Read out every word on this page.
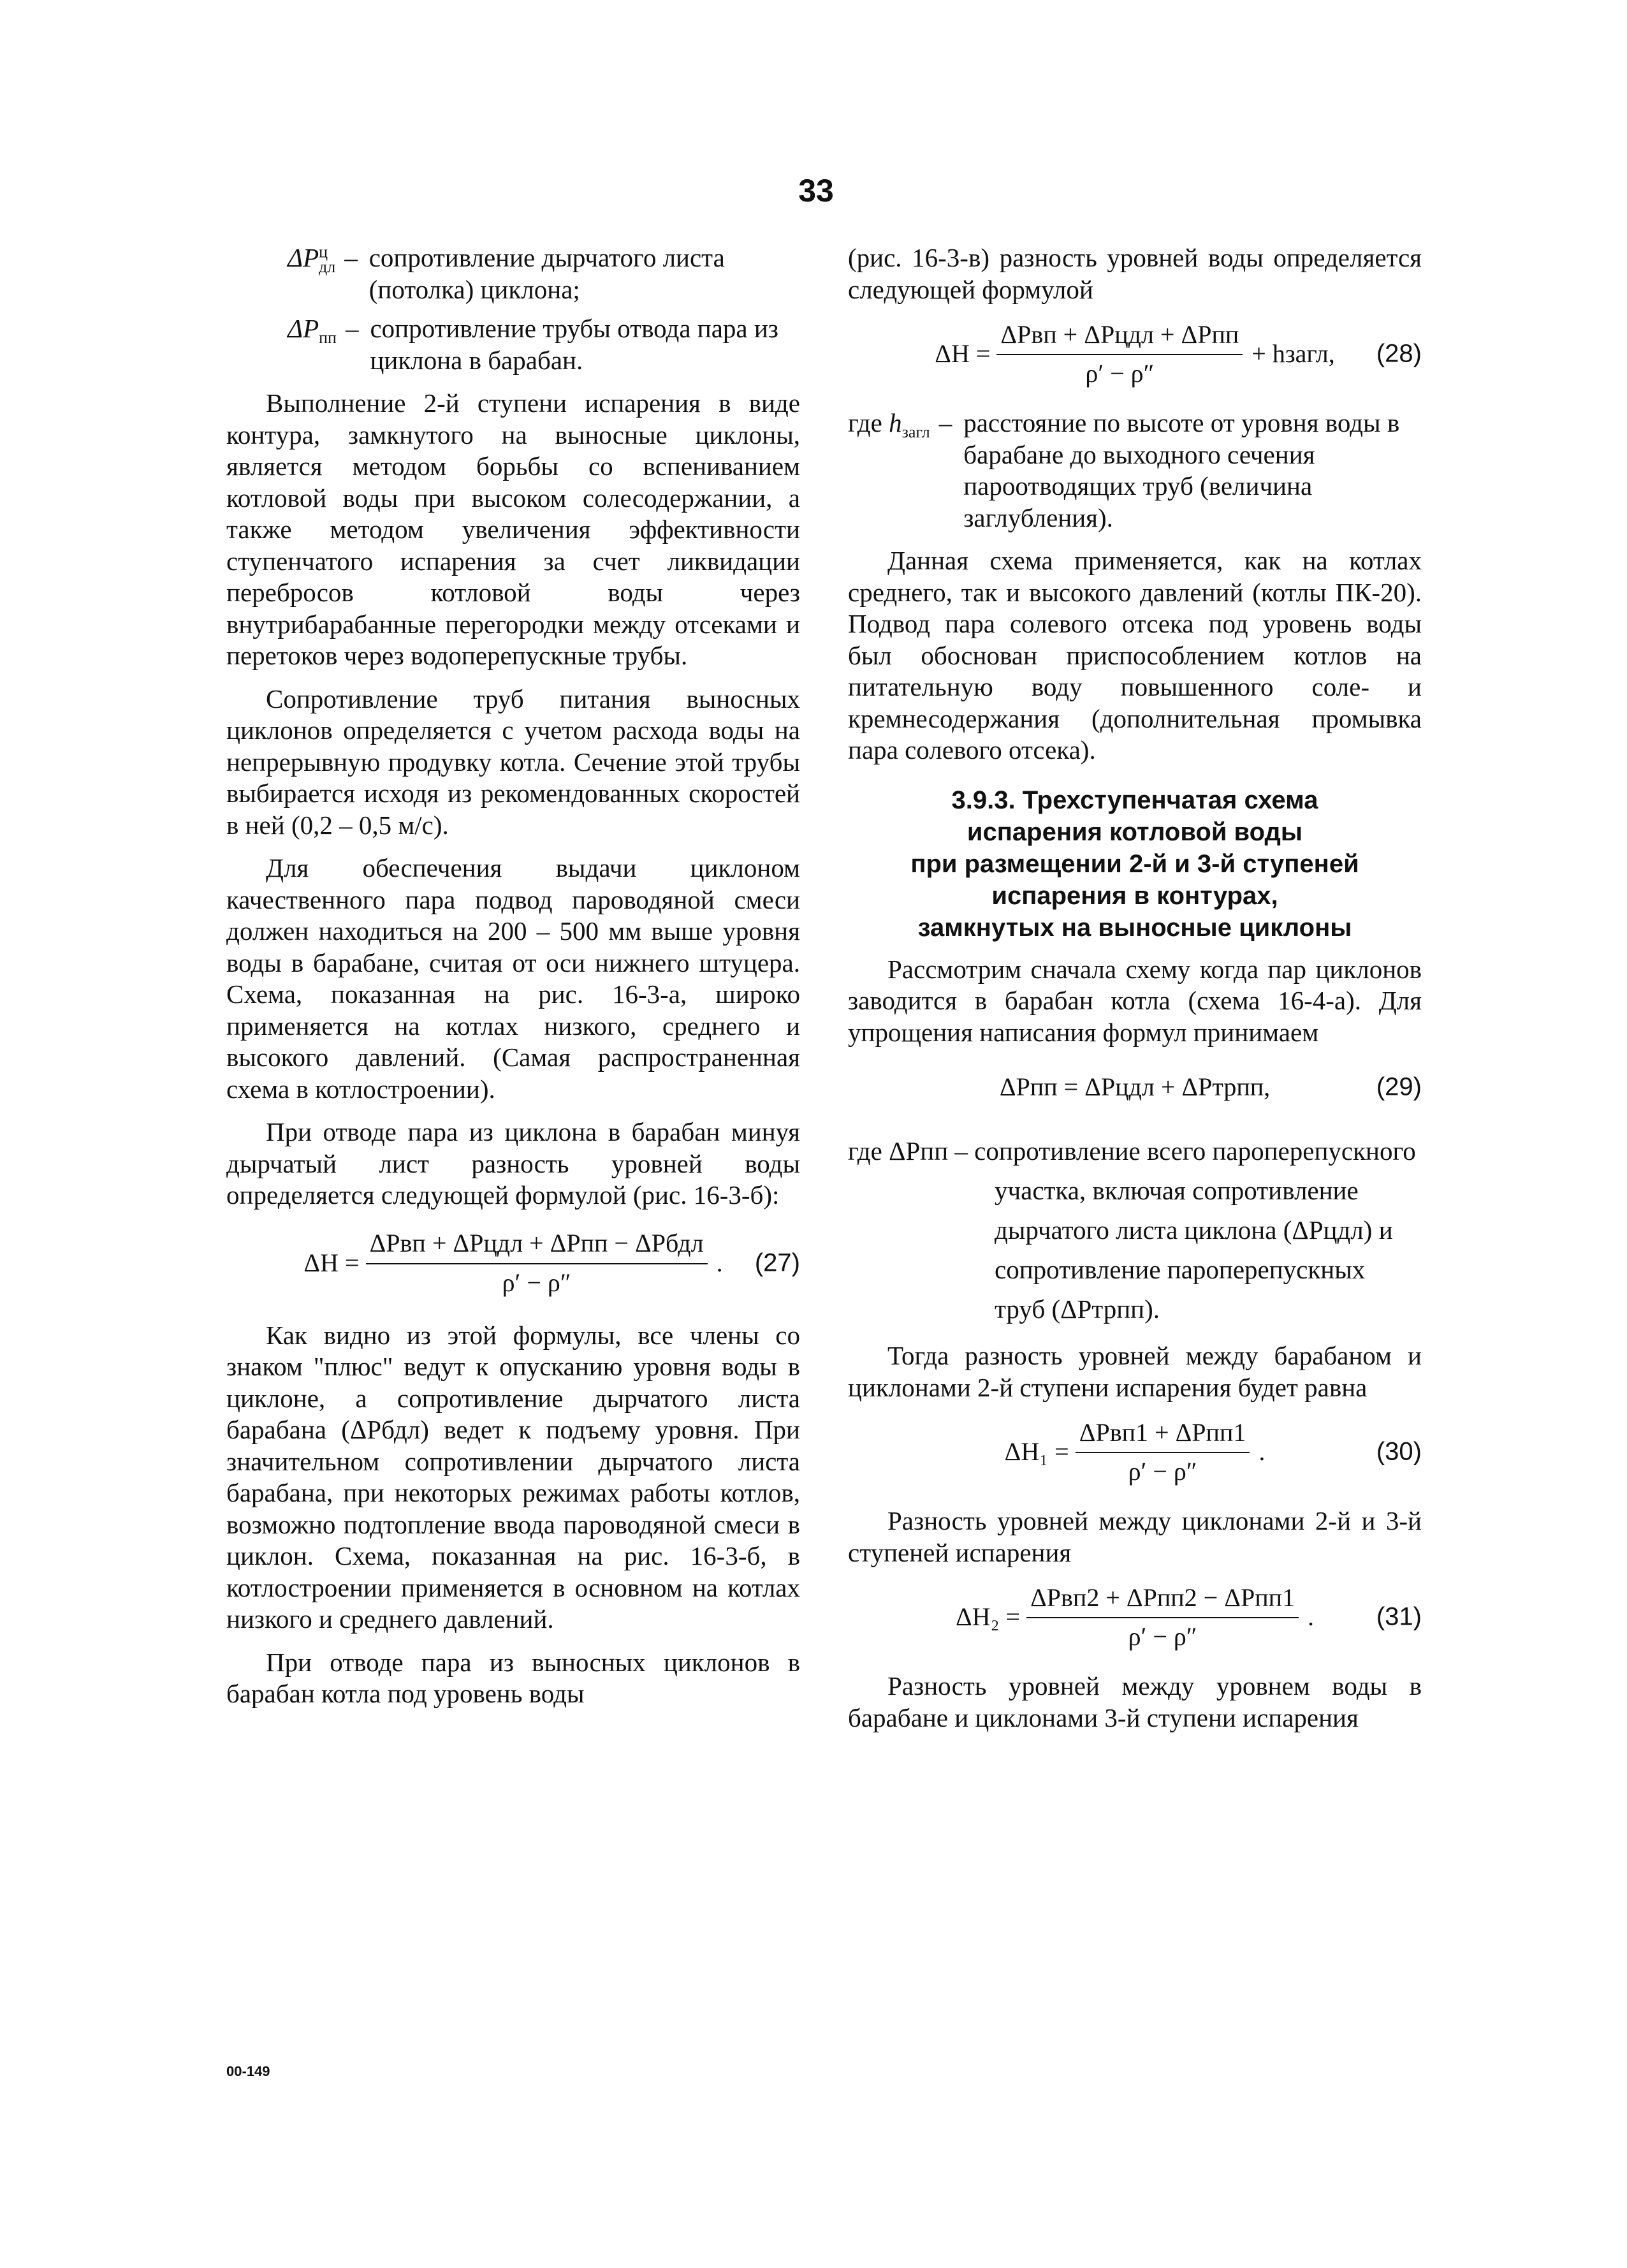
33
$\Delta P^ц_{дл}$ – сопротивление дырчатого листа (потолка) циклона;
$\Delta P_{пп}$ – сопротивление трубы отвода пара из циклона в барабан.

Выполнение 2-й ступени испарения в виде контура, замкнутого на выносные циклоны, является методом борьбы со вспениванием котловой воды при высоком солесодержании, а также методом увеличения эффективности ступенчатого испарения за счет ликвидации перебросов котловой воды через внутрибарабанные перегородки между отсеками и перетоков через водоперепускные трубы.

Сопротивление труб питания выносных циклонов определяется с учетом расхода воды на непрерывную продувку котла. Сечение этой трубы выбирается исходя из рекомендованных скоростей в ней (0,2 – 0,5 м/с).

Для обеспечения выдачи циклоном качественного пара подвод пароводяной смеси должен находиться на 200 – 500 мм выше уровня воды в барабане, считая от оси нижнего штуцера. Схема, показанная на рис. 16-3-а, широко применяется на котлах низкого, среднего и высокого давлений. (Самая распространенная схема в котлостроении).

При отводе пара из циклона в барабан минуя дырчатый лист разность уровней воды определяется следующей формулой (рис. 16-3-б):

$\Delta H = \frac{\text{ΔPвп + ΔPцдл + ΔPпп − ΔPбдл}}{\rho' - \rho''}$ . (27)

Как видно из этой формулы, все члены со знаком "плюс" ведут к опусканию уровня воды в циклоне, а сопротивление дырчатого листа барабана (ΔPбдл) ведет к подъему уровня. При значительном сопротивлении дырчатого листа барабана, при некоторых режимах работы котлов, возможно подтопление ввода пароводяной смеси в циклон. Схема, показанная на рис. 16-3-б, в котлостроении применяется в основном на котлах низкого и среднего давлений.

При отводе пара из выносных циклонов в барабан котла под уровень воды

(рис. 16-3-в) разность уровней воды определяется следующей формулой

$\Delta H = \frac{\text{ΔPвп + ΔPцдл + ΔPпп}}{\rho' - \rho''}$ + hзагл, (28)
где $h_{загл}$ – расстояние по высоте от уровня воды в барабане до выходного сечения пароотводящих труб (величина заглубления).

Данная схема применяется, как на котлах среднего, так и высокого давлений (котлы ПК-20). Подвод пара солевого отсека под уровень воды был обоснован приспособлением котлов на питательную воду повышенного соле- и кремнесодержания (дополнительная промывка пара солевого отсека).

3.9.3. Трехступенчатая схема
испарения котловой воды
при размещении 2-й и 3-й ступеней
испарения в контурах,
замкнутых на выносные циклоны

Рассмотрим сначала схему когда пар циклонов заводится в барабан котла (схема 16-4-а). Для упрощения написания формул принимаем

ΔPпп = ΔPцдл + ΔPтрпп,	(29)

где ΔPпп – сопротивление всего пароперепускного участка, включая сопротивление дырчатого листа циклона (ΔPцдл) и сопротивление пароперепускных труб (ΔPтрпп).

Тогда разность уровней между барабаном и циклонами 2-й ступени испарения будет равна

$\Delta H_1 = \frac{\text{ΔPвп1 + ΔPпп1}}{\rho' - \rho''}$ .	(30)

Разность уровней между циклонами 2-й и 3-й ступеней испарения

$\Delta H_2 = \frac{\text{ΔPвп2 + ΔPпп2 − ΔPпп1}}{\rho' - \rho''}$ . (31)

Разность уровней между уровнем воды в барабане и циклонами 3-й ступени испарения

00-149
